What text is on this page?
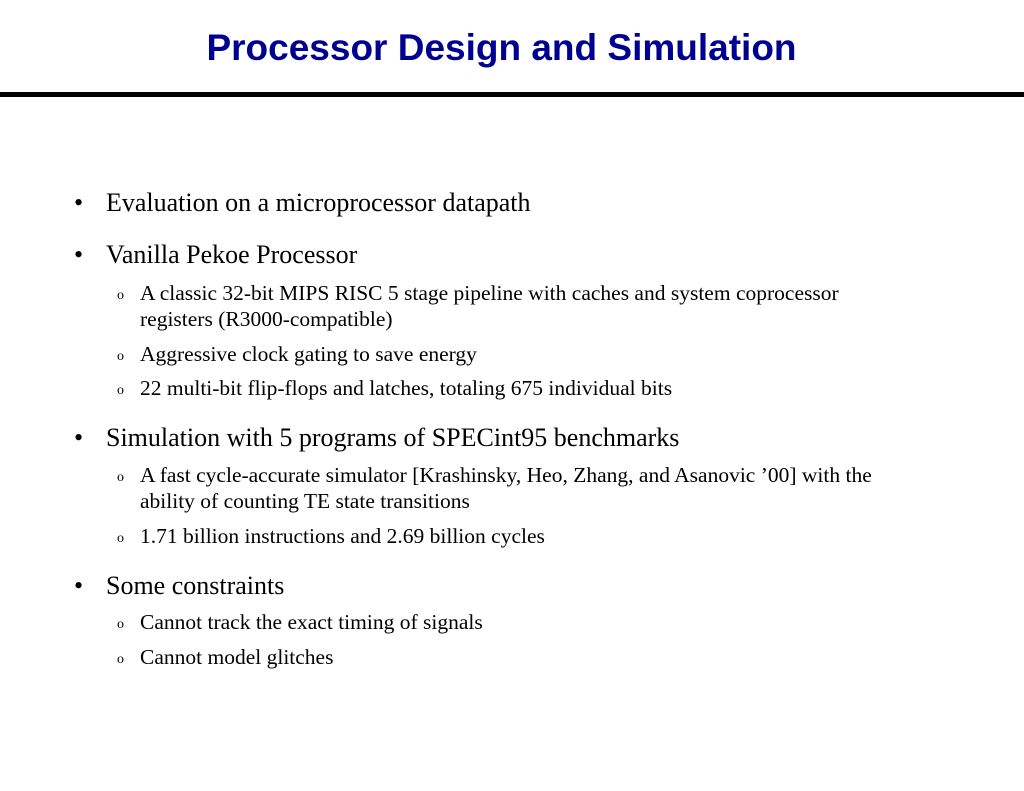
Processor Design and Simulation
• Evaluation on a microprocessor datapath
• Vanilla Pekoe Processor
o A classic 32-bit MIPS RISC 5 stage pipeline with caches and system coprocessor registers (R3000-compatible)
o Aggressive clock gating to save energy
o 22 multi-bit flip-flops and latches, totaling 675 individual bits
• Simulation with 5 programs of SPECint95 benchmarks
o A fast cycle-accurate simulator [Krashinsky, Heo, Zhang, and Asanovic ’00] with the ability of counting TE state transitions
o 1.71 billion instructions and 2.69 billion cycles
• Some constraints
o Cannot track the exact timing of signals
o Cannot model glitches
